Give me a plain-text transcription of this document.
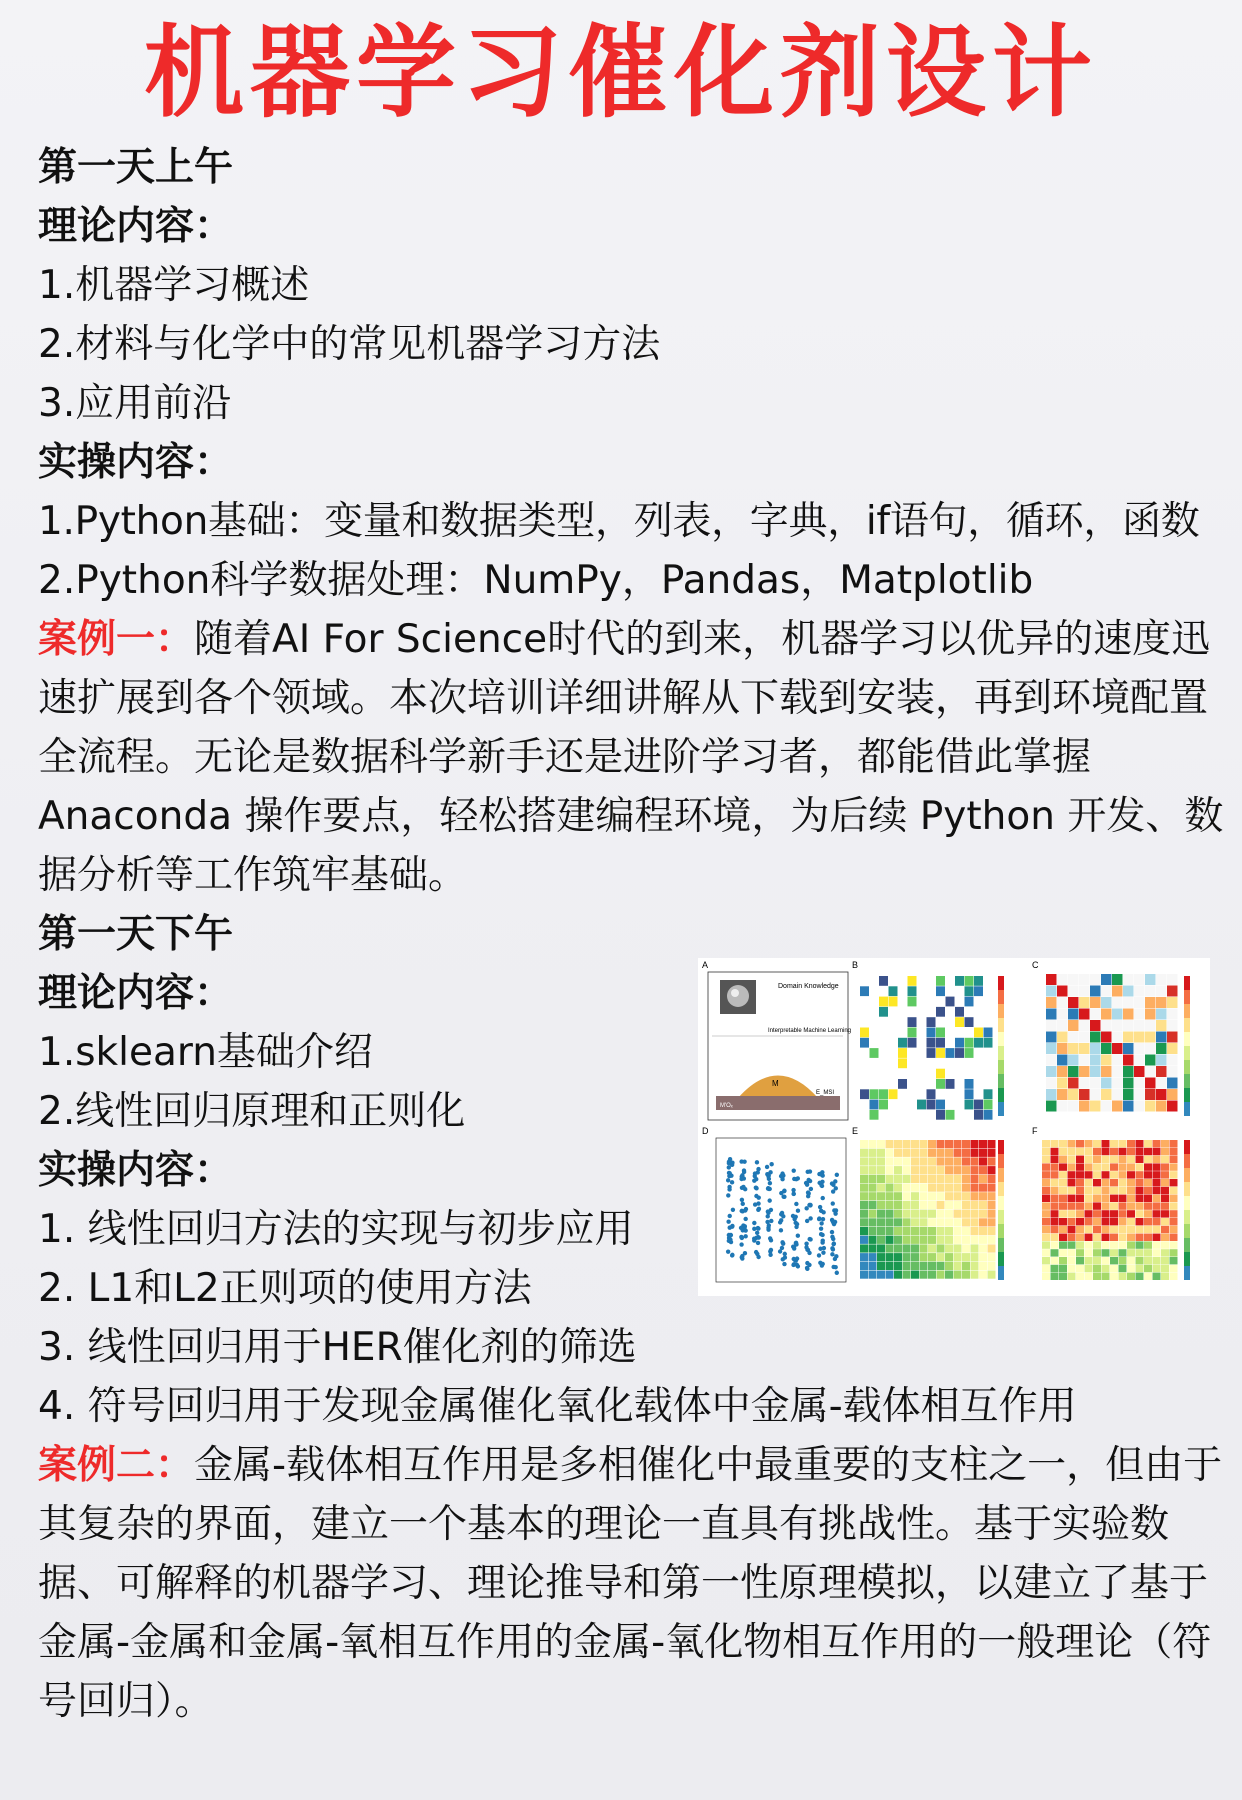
机器学习催化剂设计
第一天上午
理论内容：
1.机器学习概述
2.材料与化学中的常见机器学习方法
3.应用前沿
实操内容：
1.Python基础：变量和数据类型，列表，字典，if语句，循环，函数
2.Python科学数据处理：NumPy，Pandas，Matplotlib
案例一：随着AI For Science时代的到来，机器学习以优异的速度迅速扩展到各个领域。本次培训详细讲解从下载到安装，再到环境配置全流程。无论是数据科学新手还是进阶学习者，都能借此掌握 Anaconda 操作要点，轻松搭建编程环境，为后续 Python 开发、数据分析等工作筑牢基础。
第一天下午
理论内容：
1.sklearn基础介绍
2.线性回归原理和正则化
实操内容：
1. 线性回归方法的实现与初步应用
2. L1和L2正则项的使用方法
3. 线性回归用于HER催化剂的筛选
4. 符号回归用于发现金属催化氧化载体中金属-载体相互作用
案例二：金属-载体相互作用是多相催化中最重要的支柱之一，但由于其复杂的界面，建立一个基本的理论一直具有挑战性。基于实验数据、可解释的机器学习、理论推导和第一性原理模拟，以建立了基于金属-金属和金属-氧相互作用的金属-氧化物相互作用的一般理论（符号回归）。
A	B	C
D	E	F
Domain Knowledge
Interpretable Machine Learning
M
M'Oₓ
E_MSI
